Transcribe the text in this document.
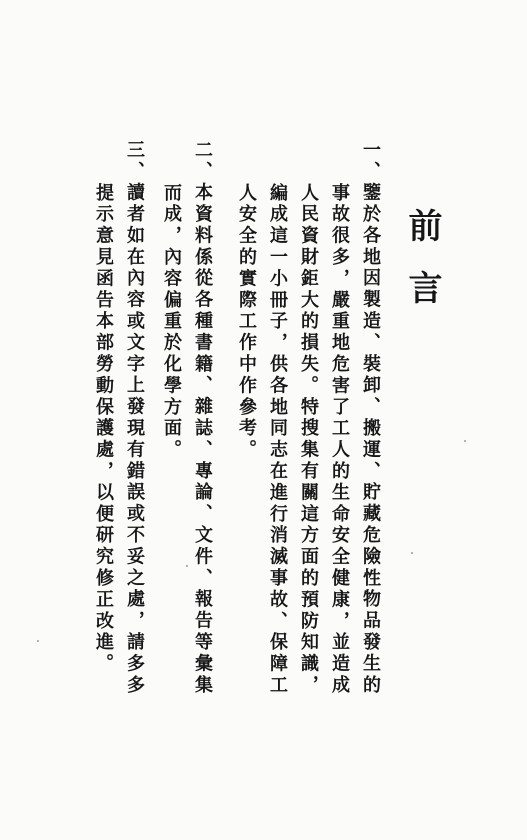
前言
一、鑒於各地因製造、裝卸、搬運、貯藏危險性物品發生的
事故很多，嚴重地危害了工人的生命安全健康，並造成
人民資財鉅大的損失。特搜集有關這方面的預防知識，
編成這一小冊子，供各地同志在進行消滅事故、保障工
人安全的實際工作中作參考。
二、本資料係從各種書籍、雜誌、專論、文件、報告等彙集
而成，內容偏重於化學方面。
三、讀者如在內容或文字上發現有錯誤或不妥之處，請多多
提示意見函告本部勞動保護處，以便研究修正改進。
